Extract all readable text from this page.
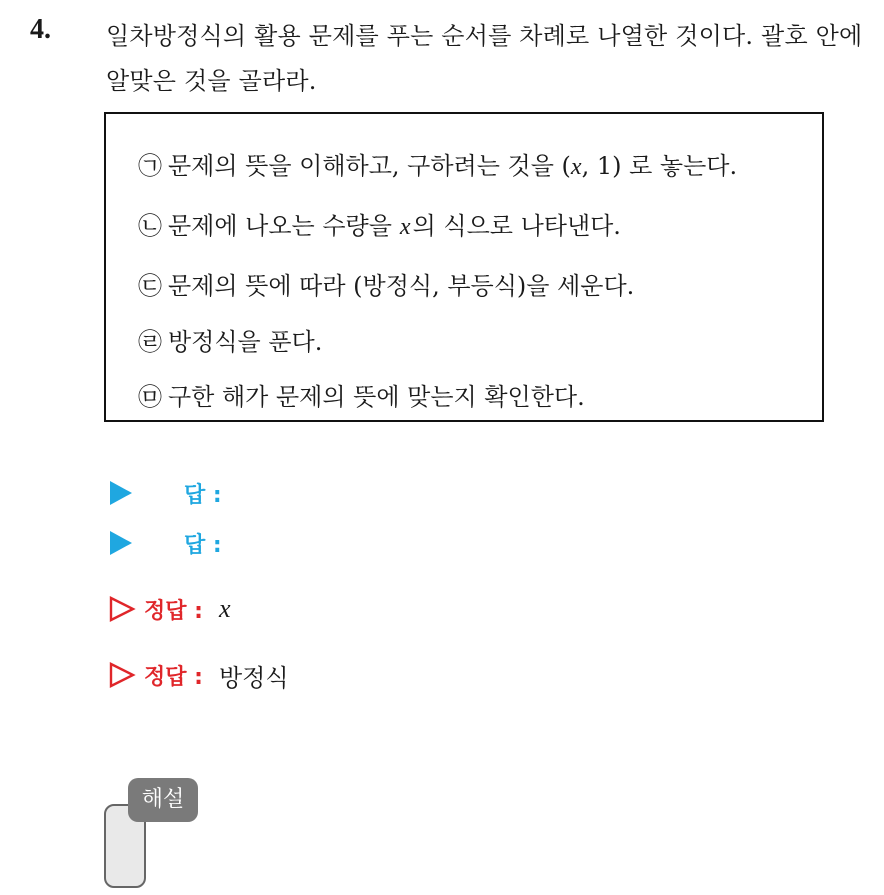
4. 일차방정식의 활용 문제를 푸는 순서를 차례로 나열한 것이다. 괄호 안에 알맞은 것을 골라라.
㉠ 문제의 뜻을 이해하고, 구하려는 것을 (x, 1) 로 놓는다.
㉡ 문제에 나오는 수량을 x의 식으로 나타낸다.
㉢ 문제의 뜻에 따라 (방정식, 부등식)을 세운다.
㉣ 방정식을 푼다.
㉤ 구한 해가 문제의 뜻에 맞는지 확인한다.
답 :
답 :
정답 : x
정답 : 방정식
해설
